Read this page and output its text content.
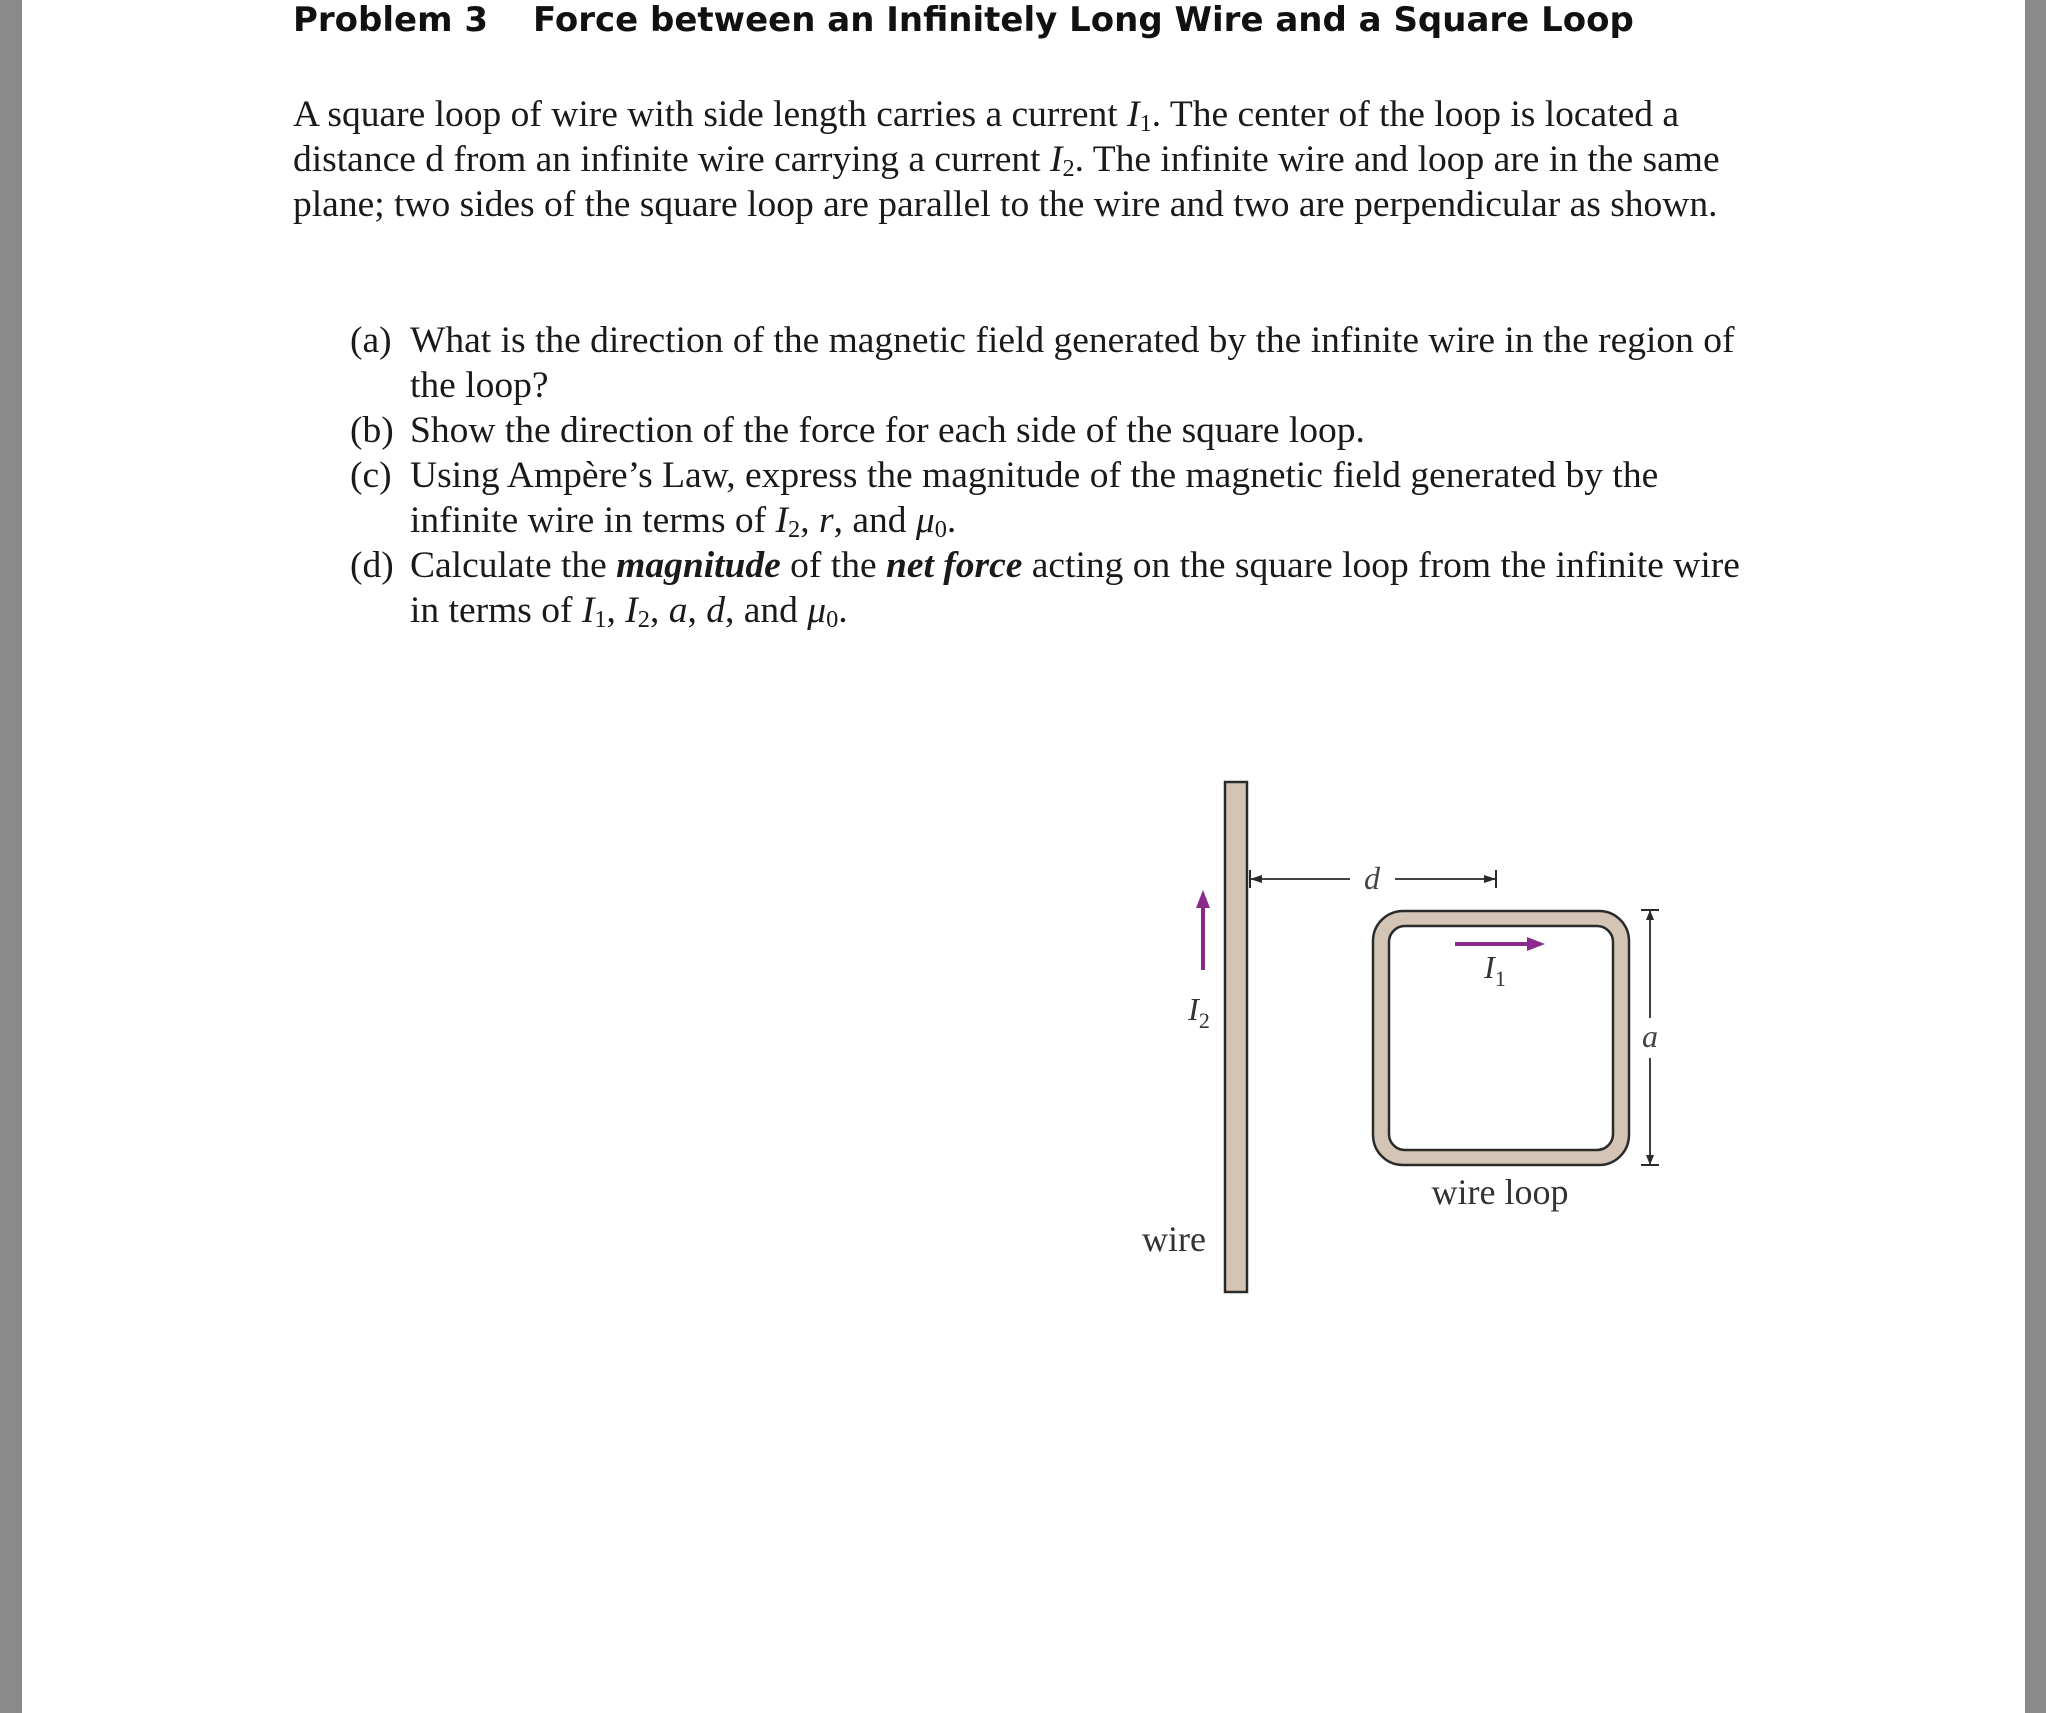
Problem 3 Force between an Infinitely Long Wire and a Square Loop
A square loop of wire with side length carries a current $I_1$. The center of the loop is located a distance d from an infinite wire carrying a current $I_2$. The infinite wire and loop are in the same plane; two sides of the square loop are parallel to the wire and two are perpendicular as shown.
(a) What is the direction of the magnetic field generated by the infinite wire in the region of the loop?
(b) Show the direction of the force for each side of the square loop.
(c) Using Ampère’s Law, express the magnitude of the magnetic field generated by the infinite wire in terms of $I_2$, r, and $\mu_0$.
(d) Calculate the magnitude of the net force acting on the square loop from the infinite wire in terms of $I_1$, $I_2$, a, d, and $\mu_0$.
$I_2$
d
$I_1$
a
wire loop
wire
